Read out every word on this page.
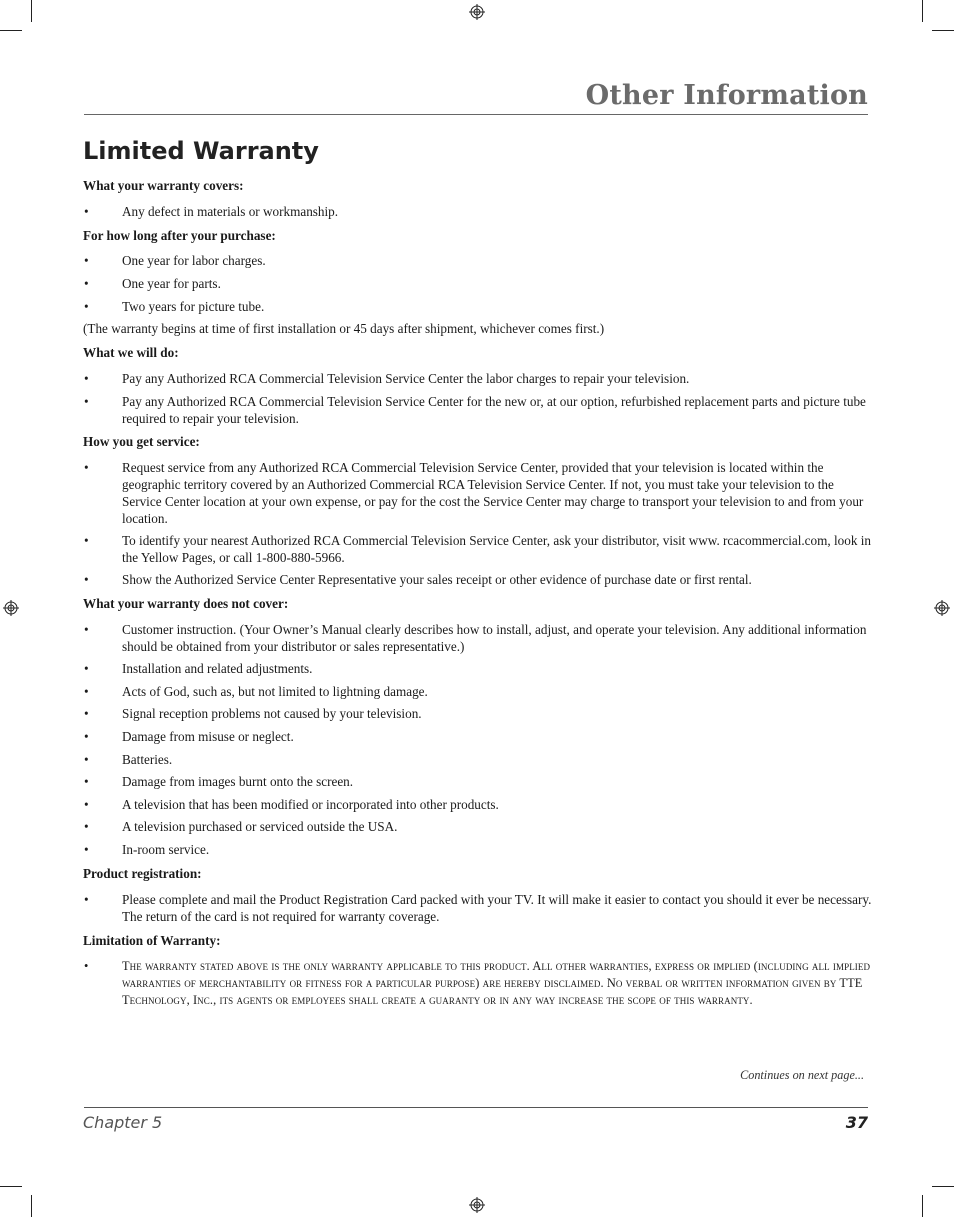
Other Information
Limited Warranty

What your warranty covers:

• Any defect in materials or workmanship.

For how long after your purchase:

• One year for labor charges.
• One year for parts.
• Two years for picture tube.

(The warranty begins at time of first installation or 45 days after shipment, whichever comes first.)

What we will do:

• Pay any Authorized RCA Commercial Television Service Center the labor charges to repair your television.
• Pay any Authorized RCA Commercial Television Service Center for the new or, at our option, refurbished replacement parts and picture tube required to repair your television.

How you get service:

• Request service from any Authorized RCA Commercial Television Service Center, provided that your television is located within the geographic territory covered by an Authorized Commercial RCA Television Service Center. If not, you must take your television to the Service Center location at your own expense, or pay for the cost the Service Center may charge to transport your television to and from your location.
• To identify your nearest Authorized RCA Commercial Television Service Center, ask your distributor, visit www. rcacommercial.com, look in the Yellow Pages, or call 1-800-880-5966.
• Show the Authorized Service Center Representative your sales receipt or other evidence of purchase date or first rental.

What your warranty does not cover:

• Customer instruction. (Your Owner’s Manual clearly describes how to install, adjust, and operate your television. Any additional information should be obtained from your distributor or sales representative.)
• Installation and related adjustments.
• Acts of God, such as, but not limited to lightning damage.
• Signal reception problems not caused by your television.
• Damage from misuse or neglect.
• Batteries.
• Damage from images burnt onto the screen.
• A television that has been modified or incorporated into other products.
• A television purchased or serviced outside the USA.
• In-room service.

Product registration:

• Please complete and mail the Product Registration Card packed with your TV. It will make it easier to contact you should it ever be necessary. The return of the card is not required for warranty coverage.

Limitation of Warranty:

• The warranty stated above is the only warranty applicable to this product. All other warranties, express or implied (including all implied warranties of merchantability or fitness for a particular purpose) are hereby disclaimed. No verbal or written information given by TTE Technology, Inc., its agents or employees shall create a guaranty or in any way increase the scope of this warranty.
Continues on next page...
Chapter 5	37
